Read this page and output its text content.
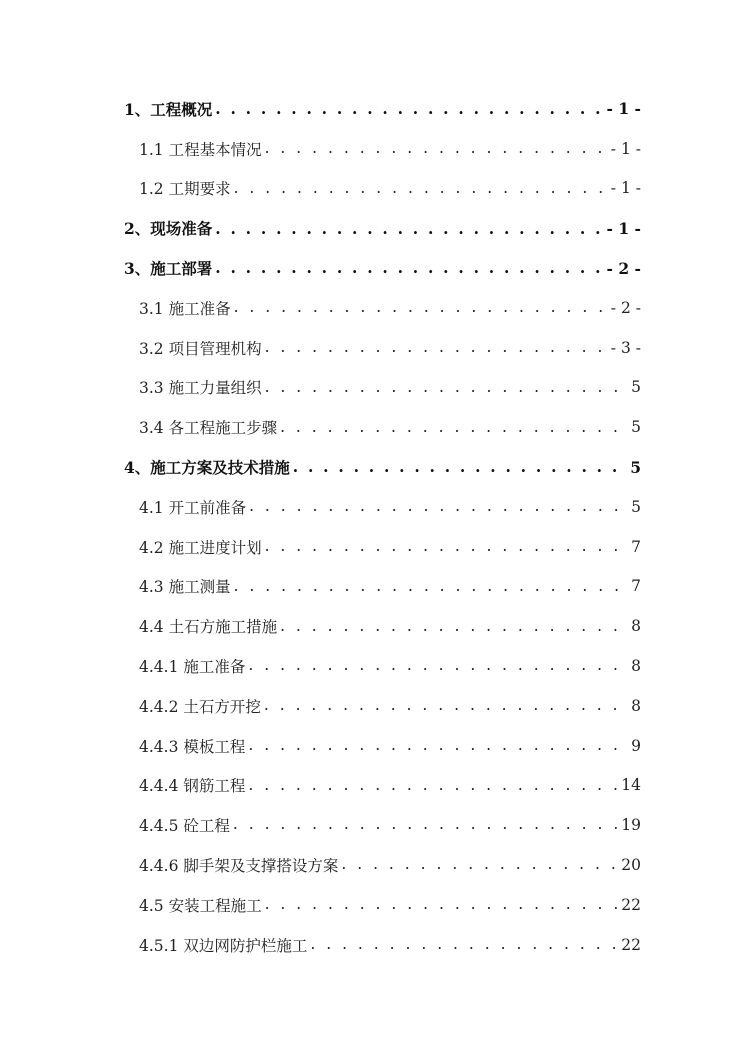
1、工程概况 . . .	- 1 -
1.1 工程基本情况 . . .	- 1 -
1.2 工期要求 . . .	- 1 -
2、现场准备 . . .	- 1 -
3、施工部署 . . .	- 2 -
3.1 施工准备 . . .	- 2 -
3.2 项目管理机构 . . .	- 3 -
3.3 施工力量组织 . . .	5
3.4 各工程施工步骤 . . .	5
4、施工方案及技术措施 . . .	5
4.1 开工前准备 . . .	5
4.2 施工进度计划 . . .	7
4.3 施工测量 . . .	7
4.4 土石方施工措施 . . .	8
4.4.1 施工准备 . . .	8
4.4.2 土石方开挖 . . .	8
4.4.3 模板工程 . . .	9
4.4.4 钢筋工程 . . .	14
4.4.5 砼工程 . . .	19
4.4.6 脚手架及支撑搭设方案 . . .	20
4.5 安装工程施工 . . .	22
4.5.1 双边网防护栏施工 . . .	22
